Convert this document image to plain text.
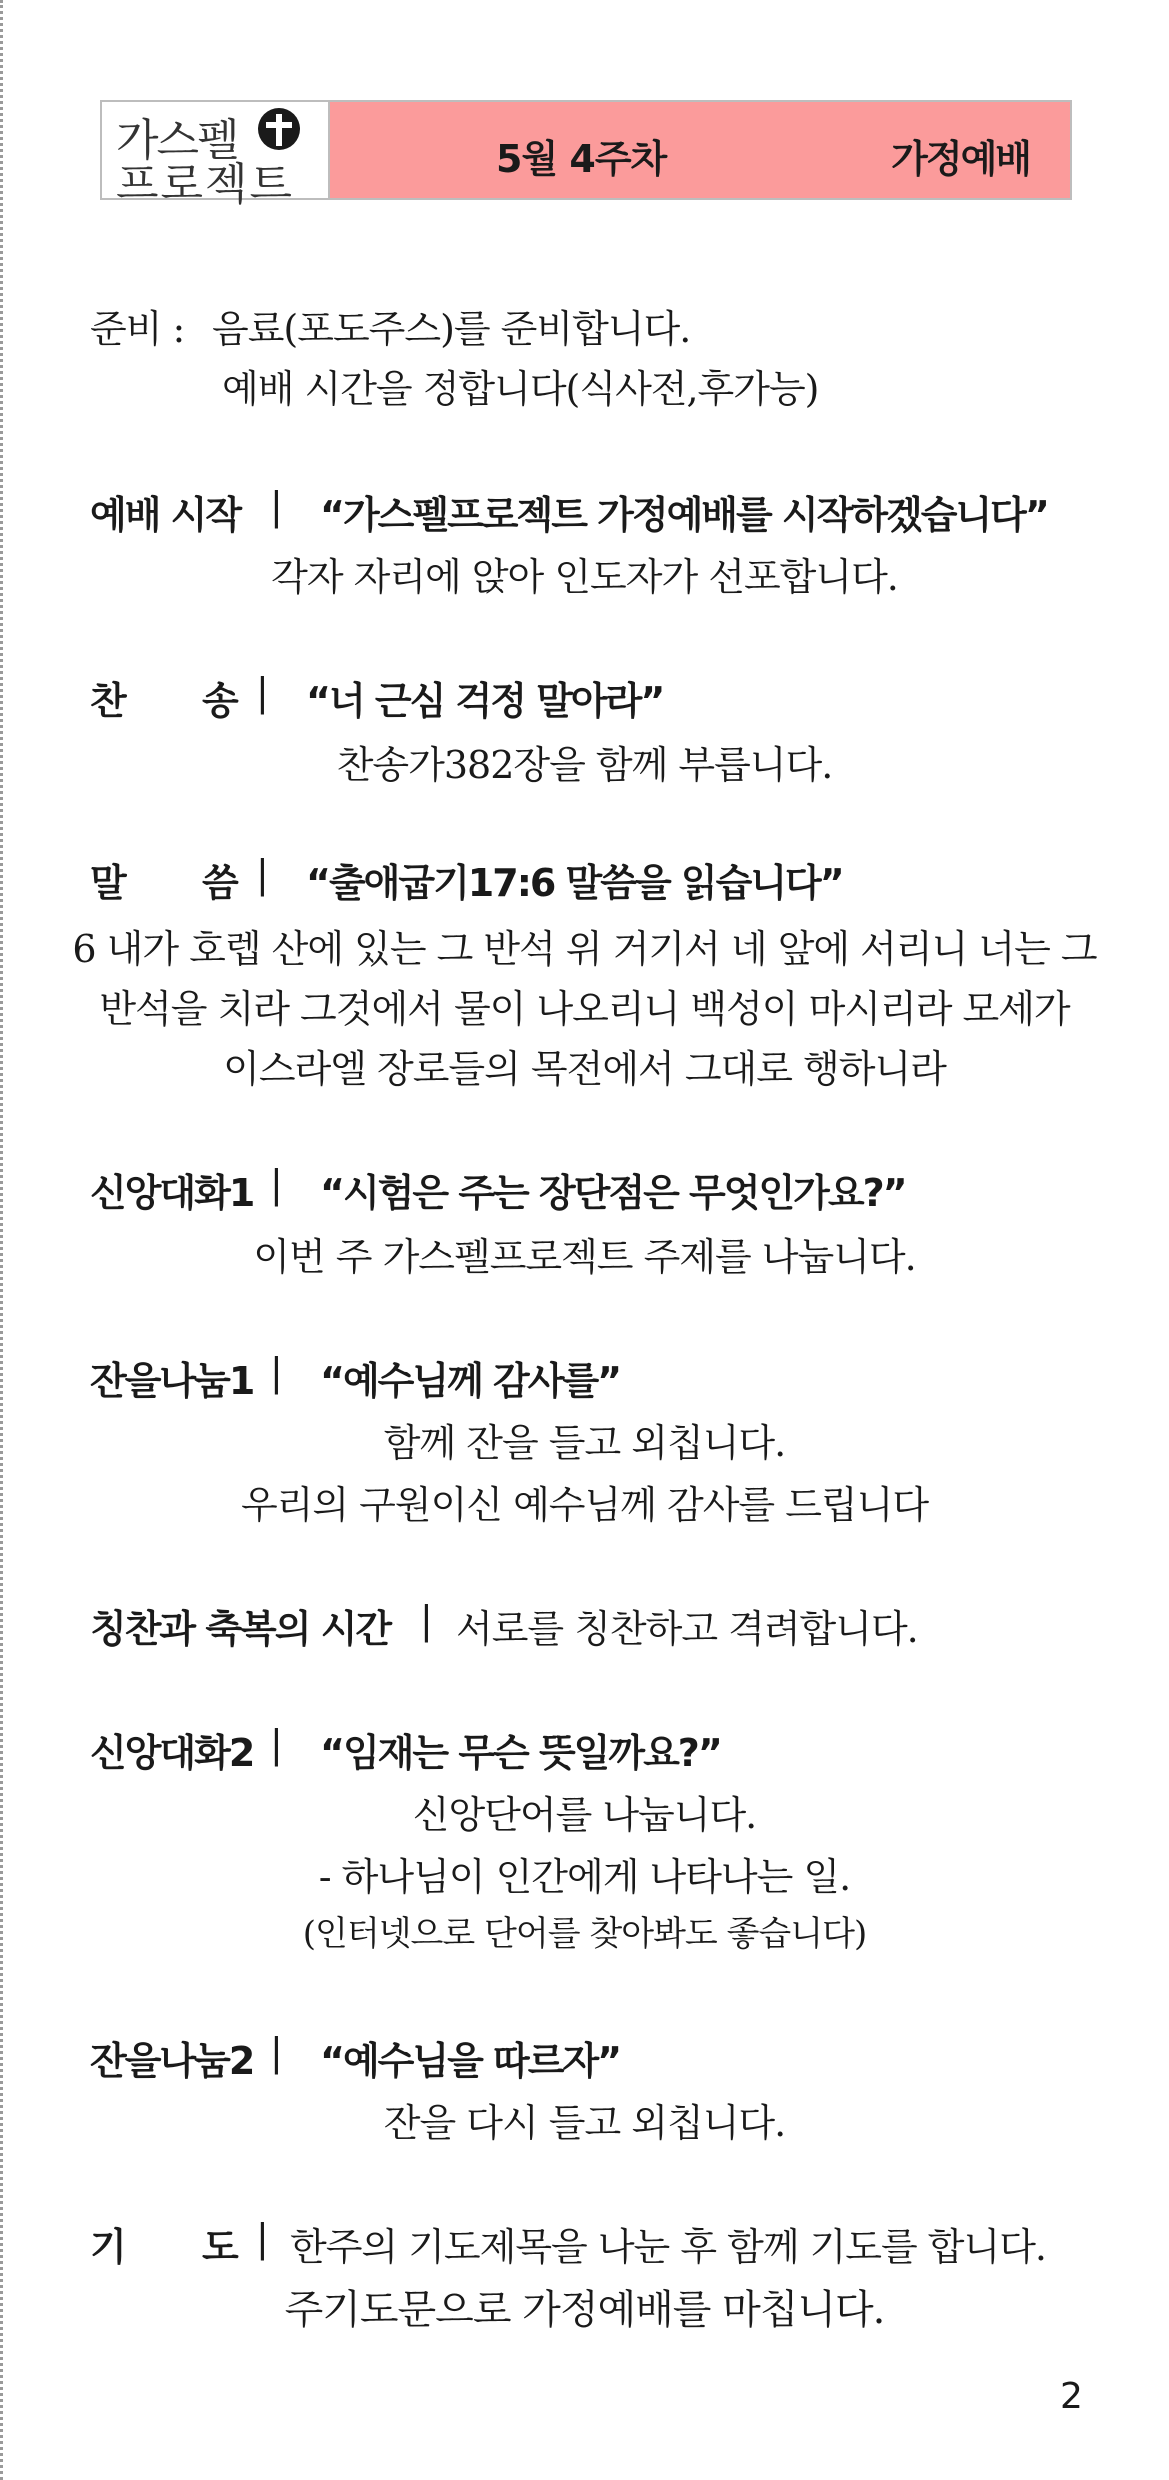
가스펠
프로젝트	5월 4주차	가정예배
준비 : 음료(포도주스)를 준비합니다.
예배 시간을 정합니다(식사전,후가능)
예배 시작 | “가스펠프로젝트 가정예배를 시작하겠습니다”
각자 자리에 앉아 인도자가 선포합니다.
찬 송 | “너 근심 걱정 말아라”
찬송가382장을 함께 부릅니다.
말 씀 | “출애굽기17:6 말씀을 읽습니다”
6 내가 호렙 산에 있는 그 반석 위 거기서 네 앞에 서리니 너는 그
반석을 치라 그것에서 물이 나오리니 백성이 마시리라 모세가
이스라엘 장로들의 목전에서 그대로 행하니라
신앙대화1 | “시험은 주는 장단점은 무엇인가요?”
이번 주 가스펠프로젝트 주제를 나눕니다.
잔을나눔1 | “예수님께 감사를”
함께 잔을 들고 외칩니다.
우리의 구원이신 예수님께 감사를 드립니다
칭찬과 축복의 시간 | 서로를 칭찬하고 격려합니다.
신앙대화2 | “임재는 무슨 뜻일까요?”
신앙단어를 나눕니다.
- 하나님이 인간에게 나타나는 일.
(인터넷으로 단어를 찾아봐도 좋습니다)
잔을나눔2 | “예수님을 따르자”
잔을 다시 들고 외칩니다.
기 도 | 한주의 기도제목을 나눈 후 함께 기도를 합니다.
주기도문으로 가정예배를 마칩니다.
2
